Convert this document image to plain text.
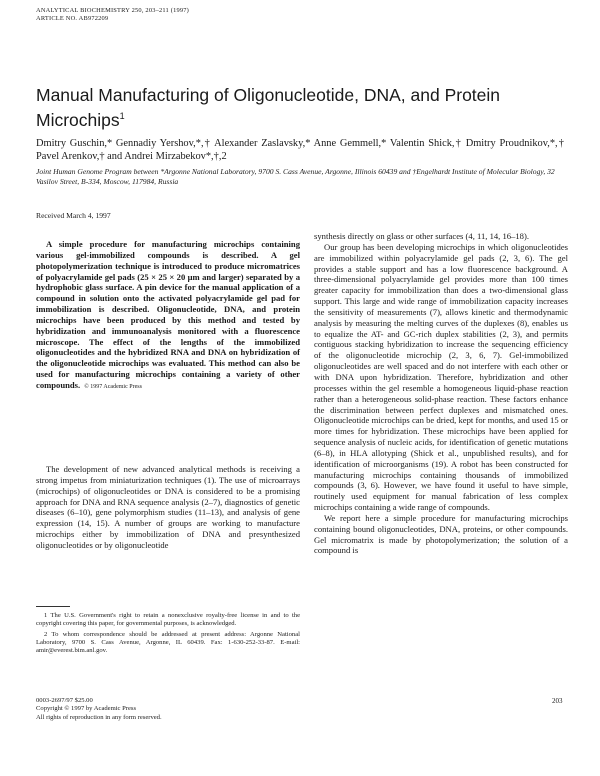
ANALYTICAL BIOCHEMISTRY 250, 203–211 (1997)
ARTICLE NO. AB972209
Manual Manufacturing of Oligonucleotide, DNA, and Protein Microchips$^1$
Dmitry Guschin,* Gennadiy Yershov,*,† Alexander Zaslavsky,* Anne Gemmell,* Valentin Shick,† Dmitry Proudnikov,*,† Pavel Arenkov,† and Andrei Mirzabekov*,†,2
Joint Human Genome Program between *Argonne National Laboratory, 9700 S. Cass Avenue, Argonne, Illinois 60439 and †Engelhardt Institute of Molecular Biology, 32 Vasilov Street, B-334, Moscow, 117984, Russia
Received March 4, 1997

A simple procedure for manufacturing microchips containing various gel-immobilized compounds is described. A gel photopolymerization technique is introduced to produce micromatrices of polyacrylamide gel pads (25 × 25 × 20 μm and larger) separated by a hydrophobic glass surface. A pin device for the manual application of a compound in solution onto the activated polyacrylamide gel pad for immobilization is described. Oligonucleotide, DNA, and protein microchips have been produced by this method and tested by hybridization and immunoanalysis monitored with a fluorescence microscope. The effect of the lengths of the immobilized oligonucleotides and the hybridized RNA and DNA on hybridization of the oligonucleotide microchips was evaluated. This method can also be used for manufacturing microchips containing a variety of other compounds. © 1997 Academic Press

The development of new advanced analytical methods is receiving a strong impetus from miniaturization techniques (1). The use of microarrays (microchips) of oligonucleotides or DNA is considered to be a promising approach for DNA and RNA sequence analysis (2–7), diagnostics of genetic diseases (6–10), gene polymorphism studies (11–13), and analysis of gene expression (14, 15). A number of groups are working to manufacture microchips either by immobilization of DNA and presynthesized oligonucleotides or by oligonucleotide

1 The U.S. Government's right to retain a nonexclusive royalty-free license in and to the copyright covering this paper, for governmental purposes, is acknowledged.

2 To whom correspondence should be addressed at present address: Argonne National Laboratory, 9700 S. Cass Avenue, Argonne, IL 60439. Fax: 1-630-252-33-87. E-mail: amir@everest.bim.anl.gov.

0003-2697/97 $25.00
Copyright © 1997 by Academic Press
All rights of reproduction in any form reserved.
203

synthesis directly on glass or other surfaces (4, 11, 14, 16–18).

Our group has been developing microchips in which oligonucleotides are immobilized within polyacrylamide gel pads (2, 3, 6). The gel provides a stable support and has a low fluorescence background. A three-dimensional polyacrylamide gel provides more than 100 times greater capacity for immobilization than does a two-dimensional glass support. This large and wide range of immobilization capacity increases the sensitivity of measurements (7), allows kinetic and thermodynamic analysis by measuring the melting curves of the duplexes (8), enables us to equalize the AT- and GC-rich duplex stabilities (2, 3), and permits contiguous stacking hybridization to increase the sequencing efficiency of the oligonucleotide microchip (2, 3, 6, 7). Gel-immobilized oligonucleotides are well spaced and do not interfere with each other or with DNA upon hybridization. Therefore, hybridization and other processes within the gel resemble a homogeneous liquid-phase reaction rather than a heterogeneous solid-phase reaction. These factors enhance the discrimination between perfect duplexes and mismatched ones. Oligonucleotide microchips can be dried, kept for months, and used 15 or more times for hybridization. These microchips have been applied for sequence analysis of nucleic acids, for identification of genetic mutations (6–8), in HLA allotyping (Shick et al., unpublished results), and for identification of microorganisms (19). A robot has been constructed for manufacturing microchips containing thousands of immobilized compounds (3, 6). However, we have found it useful to have simple, routinely used equipment for manual fabrication of less complex microchips containing a wide range of compounds.

We report here a simple procedure for manufacturing microchips containing bound oligonucleotides, DNA, proteins, or other compounds. Gel micromatrix is made by photopolymerization; the solution of a compound is
